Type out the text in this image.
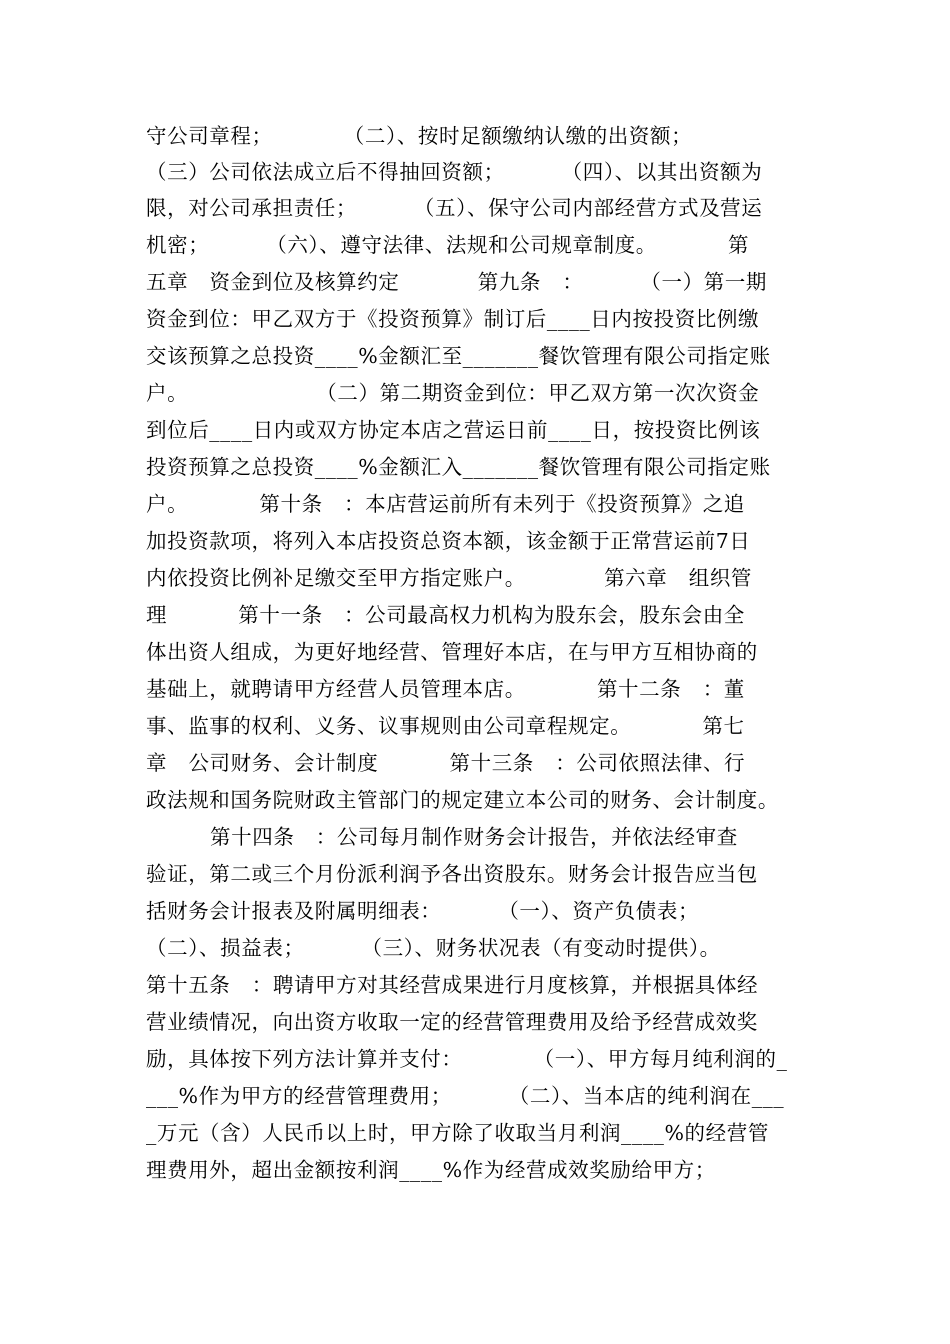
守公司章程；          （二）、按时足额缴纳认缴的出资额；
（三）公司依法成立后不得抽回资额；        （四）、以其出资额为
限，对公司承担责任；        （五）、保守公司内部经营方式及营运
机密；        （六）、遵守法律、法规和公司规章制度。          第
五章   资金到位及核算约定           第九条   ：        （一）第一期
资金到位：甲乙双方于《投资预算》制订后____日内按投资比例缴
交该预算之总投资____%金额汇至_______餐饮管理有限公司指定账
户。                  （二）第二期资金到位：甲乙双方第一次次资金
到位后____日内或双方协定本店之营运日前____日，按投资比例该
投资预算之总投资____%金额汇入_______餐饮管理有限公司指定账
户。          第十条   ：本店营运前所有未列于《投资预算》之追
加投资款项，将列入本店投资总资本额，该金额于正常营运前7日
内依投资比例补足缴交至甲方指定账户。           第六章   组织管
理          第十一条   ：公司最高权力机构为股东会，股东会由全
体出资人组成，为更好地经营、管理好本店，在与甲方互相协商的
基础上，就聘请甲方经营人员管理本店。          第十二条   ：董
事、监事的权利、义务、议事规则由公司章程规定。          第七
章   公司财务、会计制度          第十三条   ：公司依照法律、行
政法规和国务院财政主管部门的规定建立本公司的财务、会计制度。
第十四条   ：公司每月制作财务会计报告，并依法经审查
验证，第二或三个月份派利润予各出资股东。财务会计报告应当包
括财务会计报表及附属明细表：        （一）、资产负债表；
（二）、损益表；        （三）、财务状况表（有变动时提供）。
第十五条   ：聘请甲方对其经营成果进行月度核算，并根据具体经
营业绩情况，向出资方收取一定的经营管理费用及给予经营成效奖
励，具体按下列方法计算并支付：          （一）、甲方每月纯利润的_
___%作为甲方的经营管理费用；        （二）、当本店的纯利润在___
_万元（含）人民币以上时，甲方除了收取当月利润____%的经营管
理费用外，超出金额按利润____%作为经营成效奖励给甲方；
